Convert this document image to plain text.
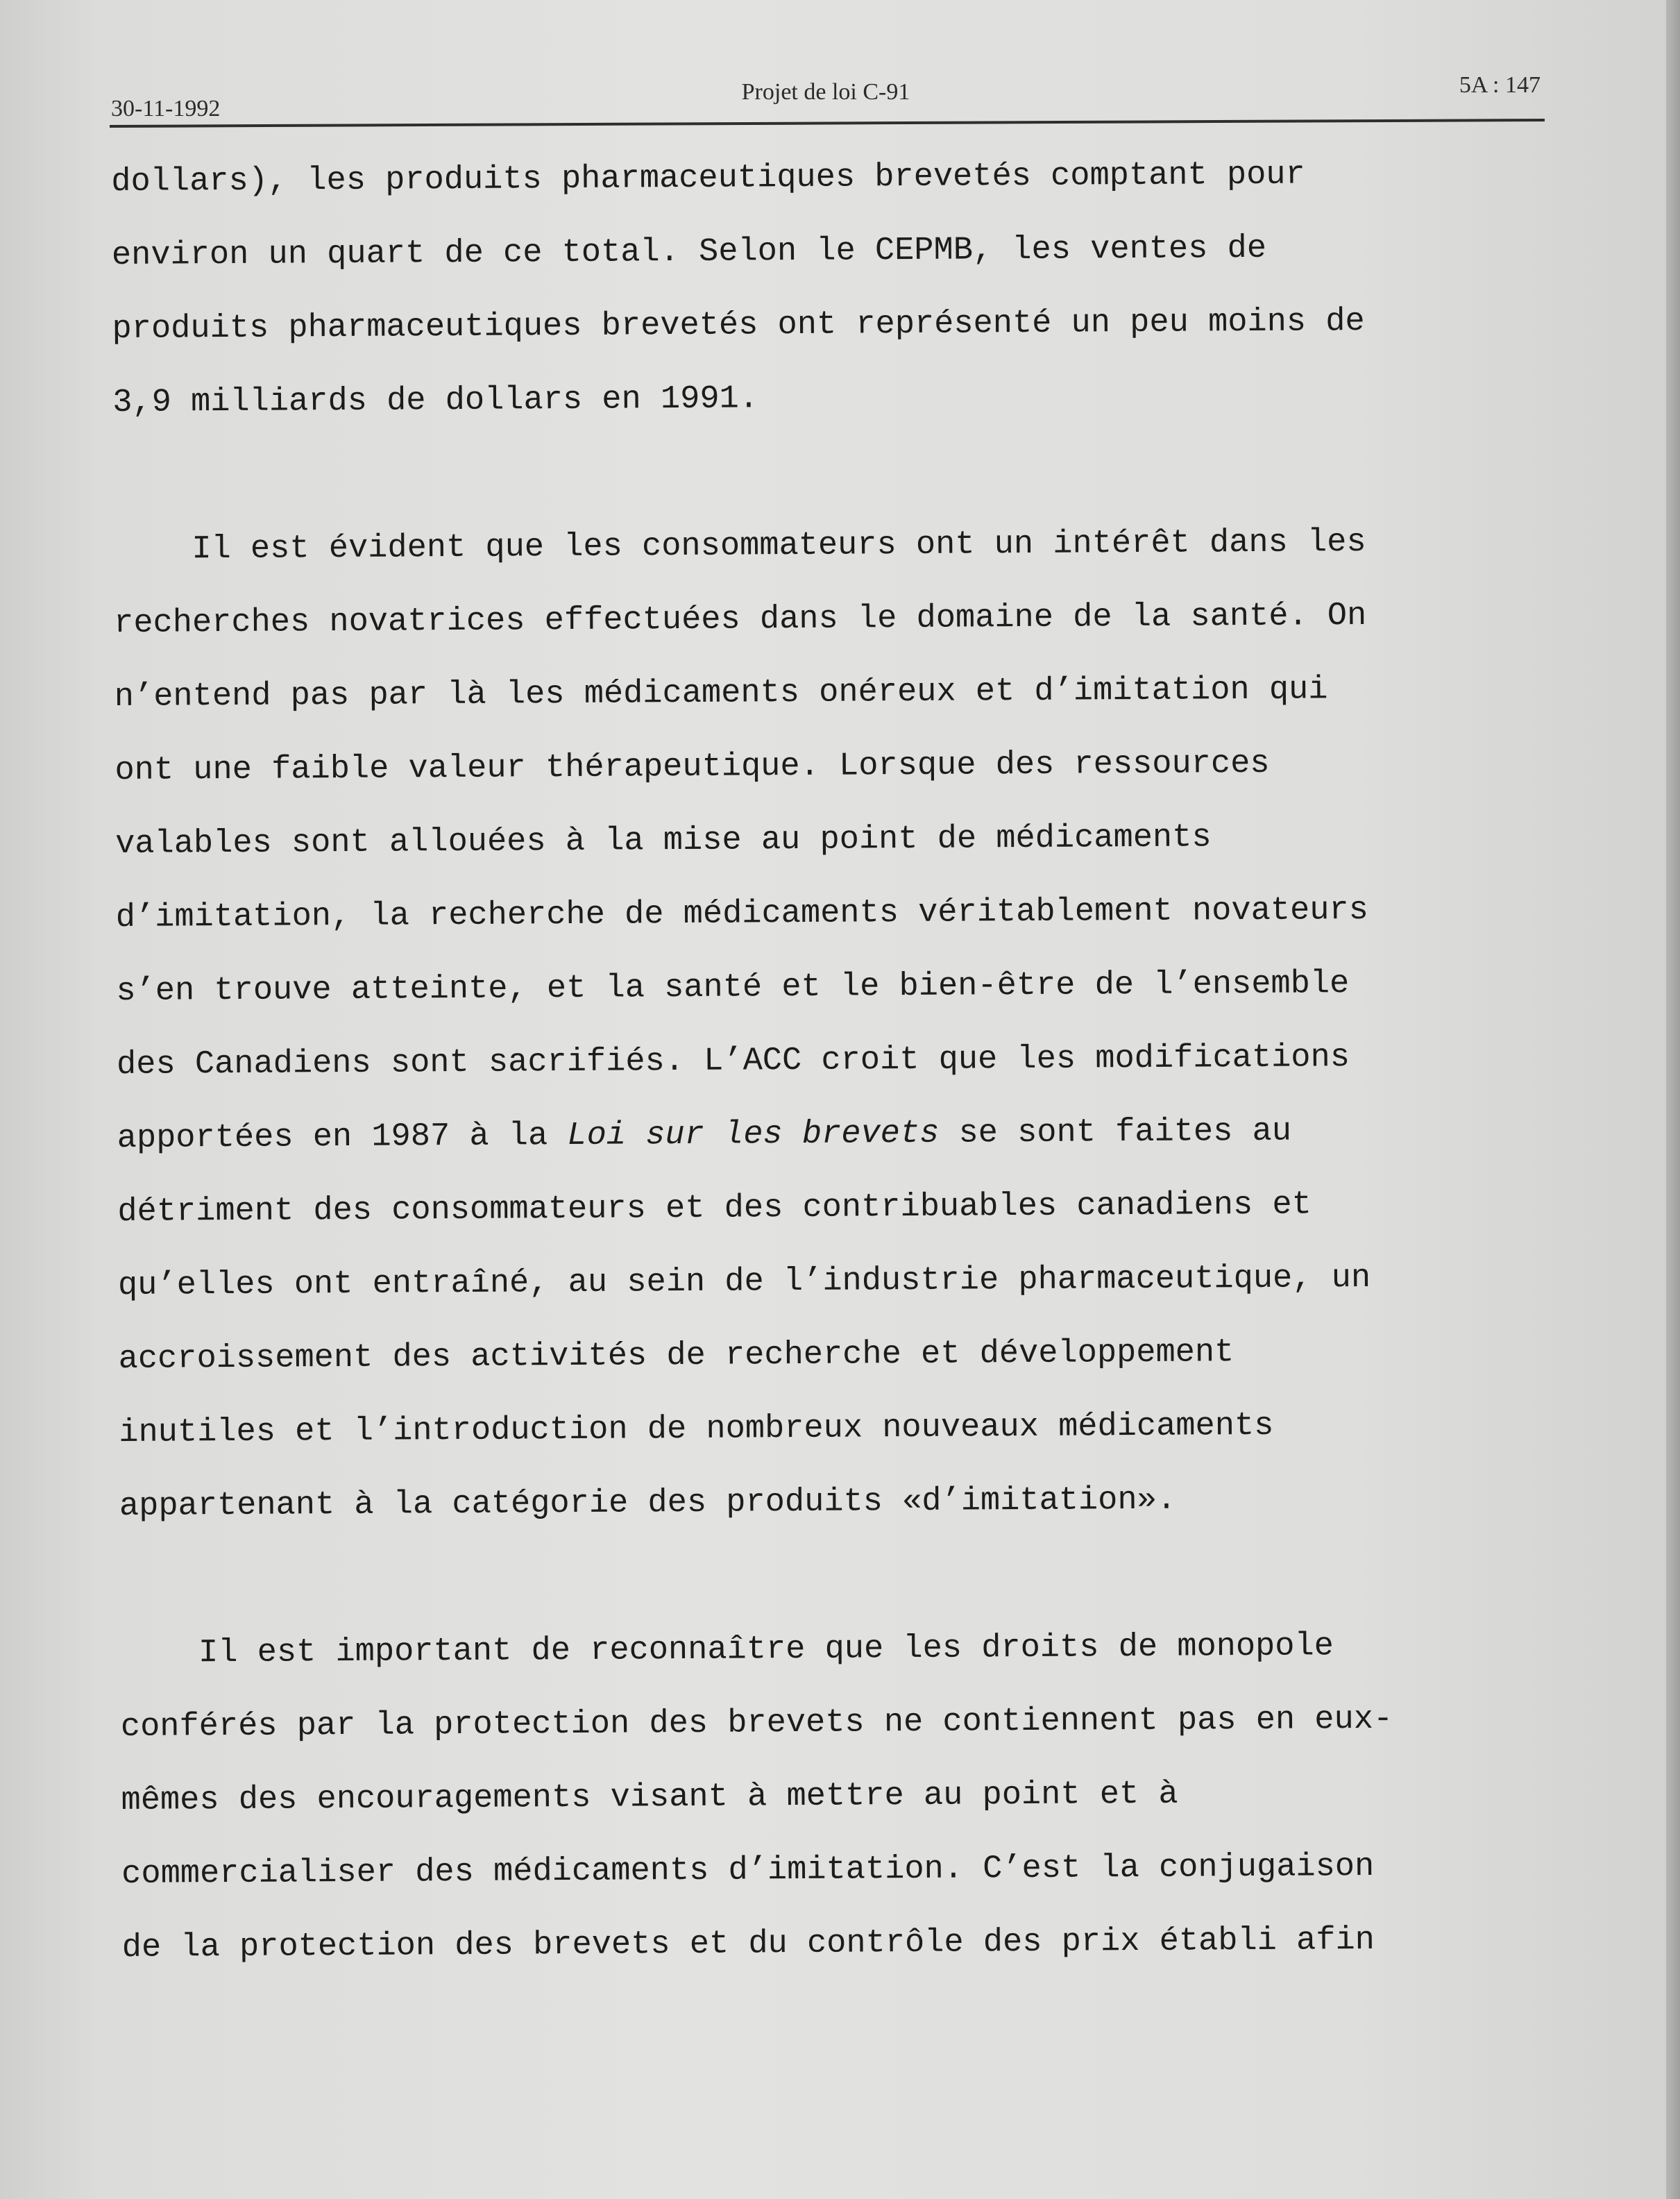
30-11-1992
Projet de loi C-91	5A : 147
dollars), les produits pharmaceutiques brevetés comptant pour
environ un quart de ce total. Selon le CEPMB, les ventes de
produits pharmaceutiques brevetés ont représenté un peu moins de
3,9 milliards de dollars en 1991.
Il est évident que les consommateurs ont un intérêt dans les
recherches novatrices effectuées dans le domaine de la santé. On
n’entend pas par là les médicaments onéreux et d’imitation qui
ont une faible valeur thérapeutique. Lorsque des ressources
valables sont allouées à la mise au point de médicaments
d’imitation, la recherche de médicaments véritablement novateurs
s’en trouve atteinte, et la santé et le bien-être de l’ensemble
des Canadiens sont sacrifiés. L’ACC croit que les modifications
apportées en 1987 à la Loi sur les brevets se sont faites au
détriment des consommateurs et des contribuables canadiens et
qu’elles ont entraîné, au sein de l’industrie pharmaceutique, un
accroissement des activités de recherche et développement
inutiles et l’introduction de nombreux nouveaux médicaments
appartenant à la catégorie des produits «d’imitation».
Il est important de reconnaître que les droits de monopole
conférés par la protection des brevets ne contiennent pas en eux-
mêmes des encouragements visant à mettre au point et à
commercialiser des médicaments d’imitation. C’est la conjugaison
de la protection des brevets et du contrôle des prix établi afin
